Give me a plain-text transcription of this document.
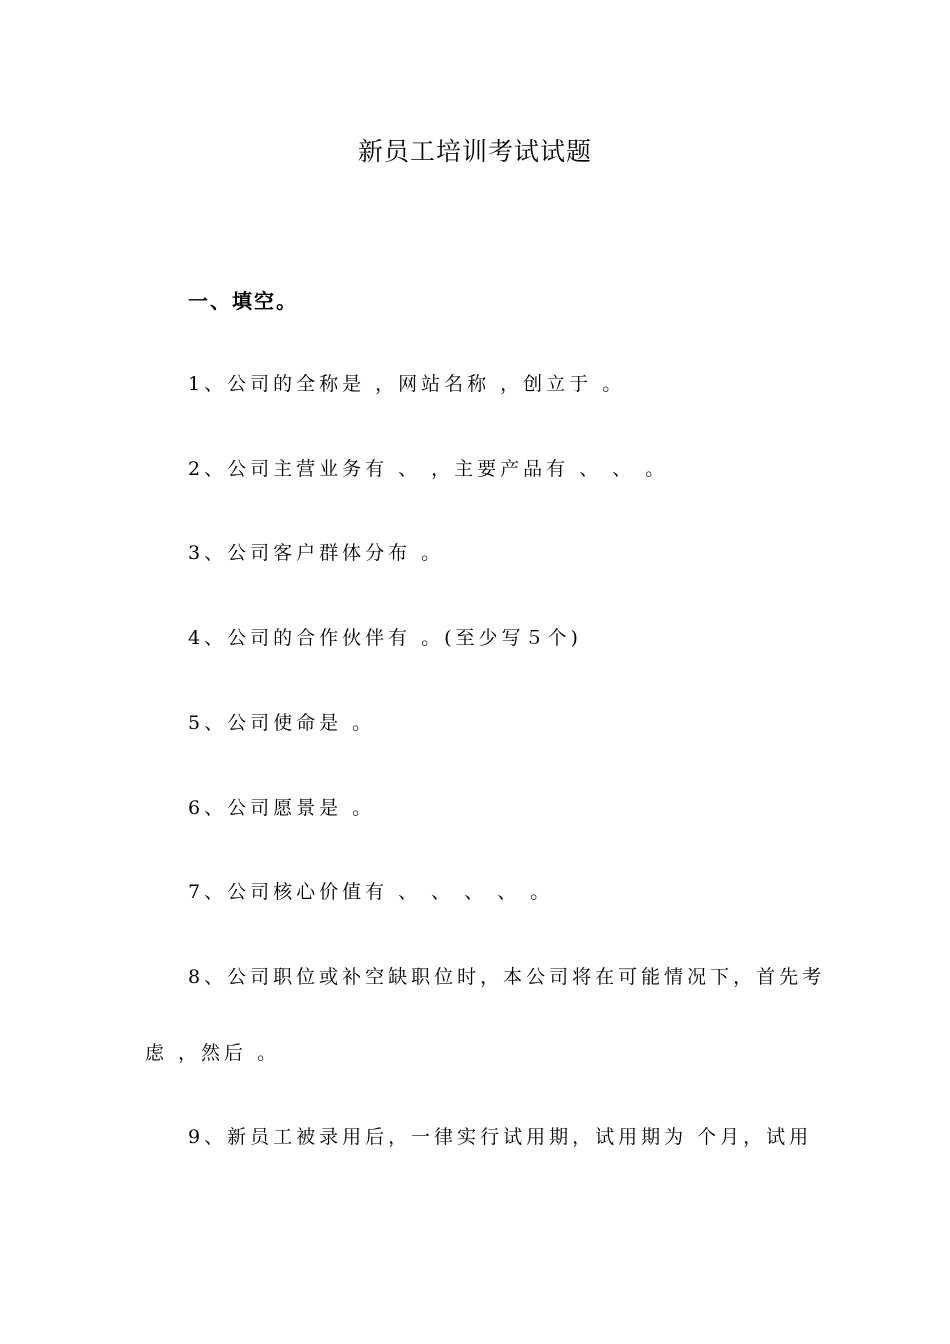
新员工培训考试试题
一、填空。
1、公司的全称是 ，网站名称 ，创立于 。
2、公司主营业务有 、 ，主要产品有 、 、 。
3、公司客户群体分布 。
4、公司的合作伙伴有 。(至少写５个)
5、公司使命是 。
6、公司愿景是 。
7、公司核心价值有 、 、 、 、 。
8、公司职位或补空缺职位时，本公司将在可能情况下，首先考
虑 ，然后 。
9、新员工被录用后，一律实行试用期，试用期为 个月，试用
